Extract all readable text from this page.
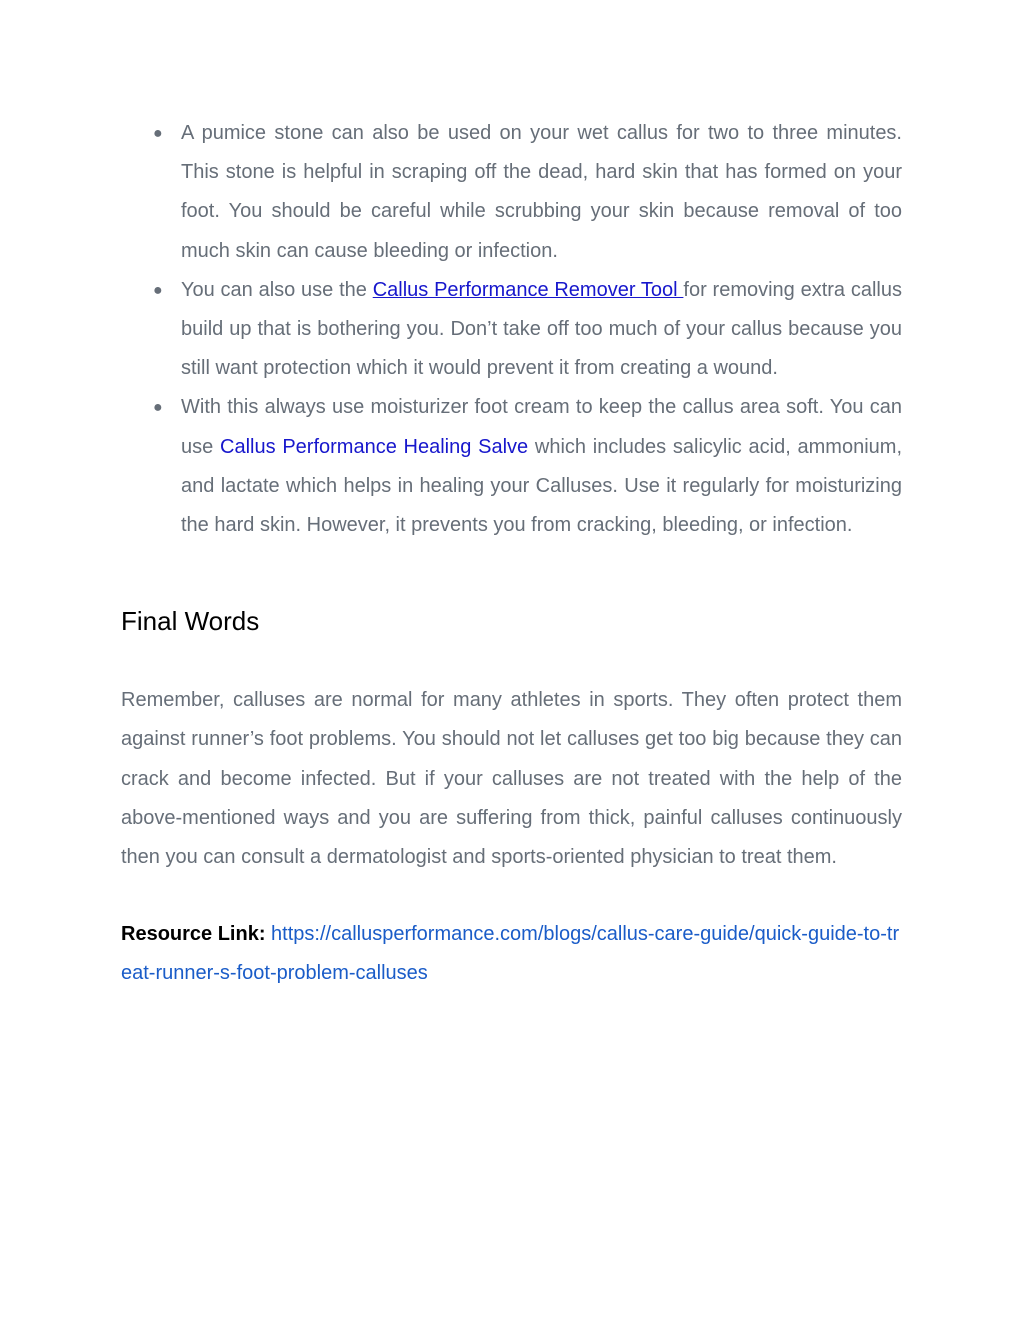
● A pumice stone can also be used on your wet callus for two to three minutes. This stone is helpful in scraping off the dead, hard skin that has formed on your foot. You should be careful while scrubbing your skin because removal of too much skin can cause bleeding or infection.
● You can also use the Callus Performance Remover Tool for removing extra callus build up that is bothering you. Don’t take off too much of your callus because you still want protection which it would prevent it from creating a wound.
● With this always use moisturizer foot cream to keep the callus area soft. You can use Callus Performance Healing Salve which includes salicylic acid, ammonium, and lactate which helps in healing your Calluses. Use it regularly for moisturizing the hard skin. However, it prevents you from cracking, bleeding, or infection.
Final Words

Remember, calluses are normal for many athletes in sports. They often protect them against runner’s foot problems. You should not let calluses get too big because they can crack and become infected. But if your calluses are not treated with the help of the above-mentioned ways and you are suffering from thick, painful calluses continuously then you can consult a dermatologist and sports-oriented physician to treat them.

Resource Link: https://callusperformance.com/blogs/callus-care-guide/quick-guide-to-treat-runner-s-foot-problem-calluses
